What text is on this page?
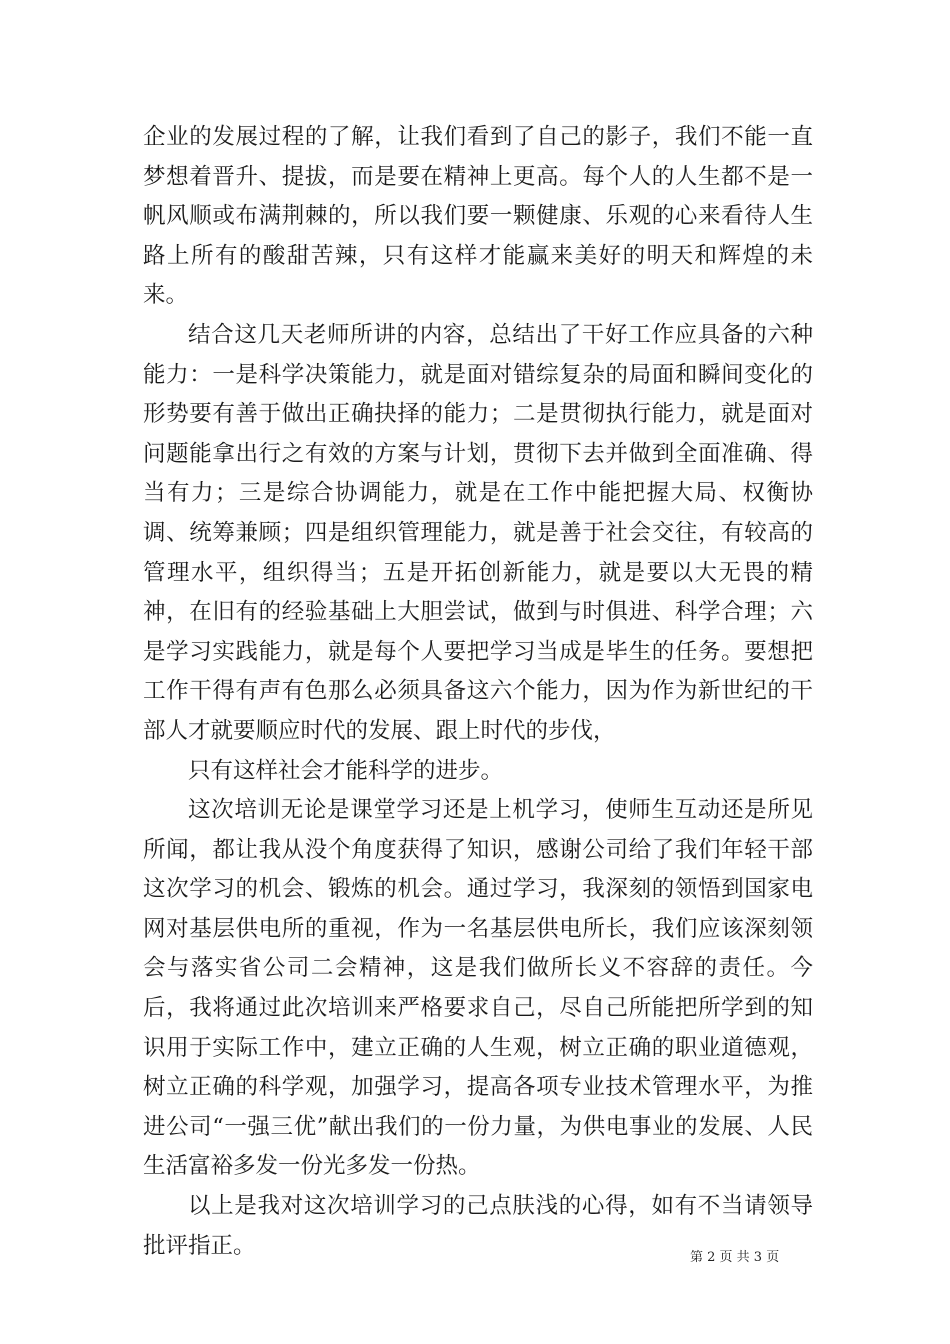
企业的发展过程的了解，让我们看到了自己的影子，我们不能一直梦想着晋升、提拔，而是要在精神上更高。每个人的人生都不是一帆风顺或布满荆棘的，所以我们要一颗健康、乐观的心来看待人生路上所有的酸甜苦辣，只有这样才能赢来美好的明天和辉煌的未来。

结合这几天老师所讲的内容，总结出了干好工作应具备的六种能力：一是科学决策能力，就是面对错综复杂的局面和瞬间变化的形势要有善于做出正确抉择的能力；二是贯彻执行能力，就是面对问题能拿出行之有效的方案与计划，贯彻下去并做到全面准确、得当有力；三是综合协调能力，就是在工作中能把握大局、权衡协调、统筹兼顾；四是组织管理能力，就是善于社会交往，有较高的管理水平，组织得当；五是开拓创新能力，就是要以大无畏的精神，在旧有的经验基础上大胆尝试，做到与时俱进、科学合理；六是学习实践能力，就是每个人要把学习当成是毕生的任务。要想把工作干得有声有色那么必须具备这六个能力，因为作为新世纪的干部人才就要顺应时代的发展、跟上时代的步伐，

只有这样社会才能科学的进步。

这次培训无论是课堂学习还是上机学习，使师生互动还是所见所闻，都让我从没个角度获得了知识，感谢公司给了我们年轻干部这次学习的机会、锻炼的机会。通过学习，我深刻的领悟到国家电网对基层供电所的重视，作为一名基层供电所长，我们应该深刻领会与落实省公司二会精神，这是我们做所长义不容辞的责任。今后，我将通过此次培训来严格要求自己，尽自己所能把所学到的知识用于实际工作中，建立正确的人生观，树立正确的职业道德观，树立正确的科学观，加强学习，提高各项专业技术管理水平，为推进公司“一强三优”献出我们的一份力量，为供电事业的发展、人民生活富裕多发一份光多发一份热。

以上是我对这次培训学习的己点肤浅的心得，如有不当请领导批评指正。	第 2 页 共 3 页
